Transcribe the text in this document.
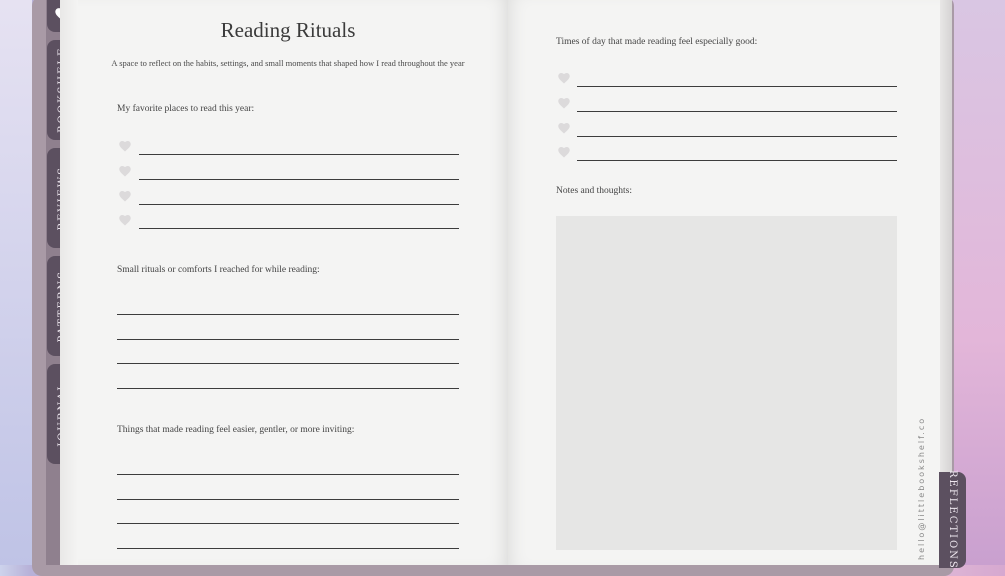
REFLECTIONS
Reading Rituals
A space to reflect on the habits, settings, and small moments that shaped how I read throughout the year
My favorite places to read this year:
Small rituals or comforts I reached for while reading:
Things that made reading feel easier, gentler, or more inviting:
Times of day that made reading feel especially good:
Notes and thoughts:
hello@littlebookshelf.co
